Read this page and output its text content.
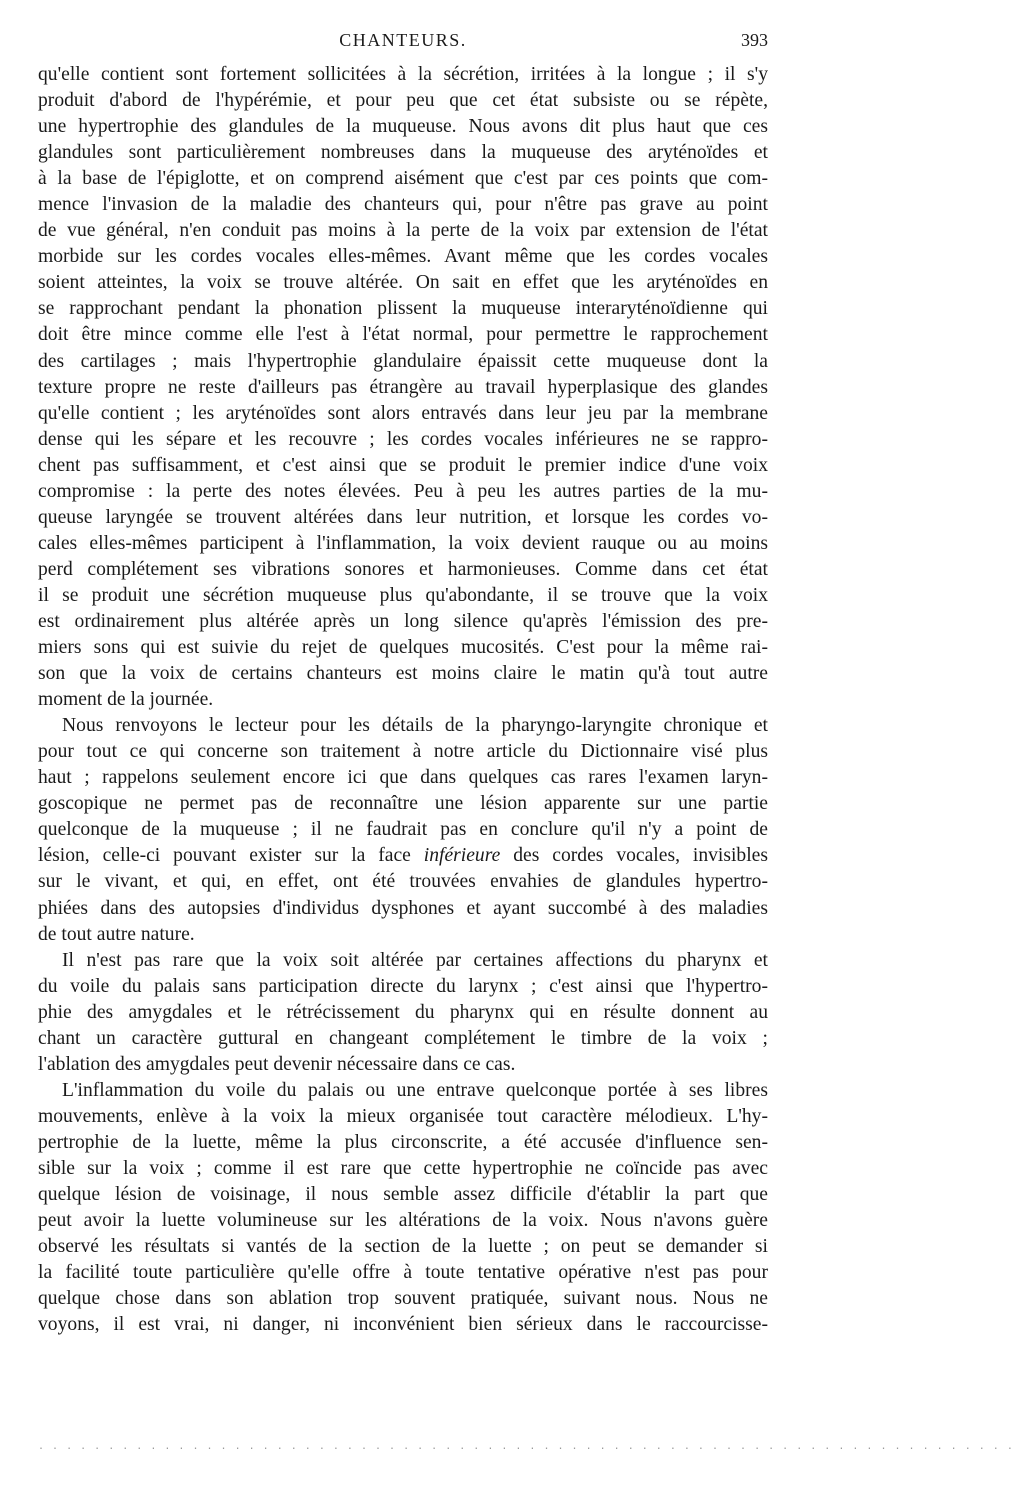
CHANTEURS.	393
qu'elle contient sont fortement sollicitées à la sécrétion, irritées à la longue ; il s'y
produit d'abord de l'hypérémie, et pour peu que cet état subsiste ou se répète,
une hypertrophie des glandules de la muqueuse. Nous avons dit plus haut que ces
glandules sont particulièrement nombreuses dans la muqueuse des aryténoïdes et
à la base de l'épiglotte, et on comprend aisément que c'est par ces points que com-
mence l'invasion de la maladie des chanteurs qui, pour n'être pas grave au point
de vue général, n'en conduit pas moins à la perte de la voix par extension de l'état
morbide sur les cordes vocales elles-mêmes. Avant même que les cordes vocales
soient atteintes, la voix se trouve altérée. On sait en effet que les aryténoïdes en
se rapprochant pendant la phonation plissent la muqueuse interaryténoïdienne qui
doit être mince comme elle l'est à l'état normal, pour permettre le rapprochement
des cartilages ; mais l'hypertrophie glandulaire épaissit cette muqueuse dont la
texture propre ne reste d'ailleurs pas étrangère au travail hyperplasique des glandes
qu'elle contient ; les aryténoïdes sont alors entravés dans leur jeu par la membrane
dense qui les sépare et les recouvre ; les cordes vocales inférieures ne se rappro-
chent pas suffisamment, et c'est ainsi que se produit le premier indice d'une voix
compromise : la perte des notes élevées. Peu à peu les autres parties de la mu-
queuse laryngée se trouvent altérées dans leur nutrition, et lorsque les cordes vo-
cales elles-mêmes participent à l'inflammation, la voix devient rauque ou au moins
perd complétement ses vibrations sonores et harmonieuses. Comme dans cet état
il se produit une sécrétion muqueuse plus qu'abondante, il se trouve que la voix
est ordinairement plus altérée après un long silence qu'après l'émission des pre-
miers sons qui est suivie du rejet de quelques mucosités. C'est pour la même rai-
son que la voix de certains chanteurs est moins claire le matin qu'à tout autre
moment de la journée.
Nous renvoyons le lecteur pour les détails de la pharyngo-laryngite chronique et
pour tout ce qui concerne son traitement à notre article du Dictionnaire visé plus
haut ; rappelons seulement encore ici que dans quelques cas rares l'examen laryn-
goscopique ne permet pas de reconnaître une lésion apparente sur une partie
quelconque de la muqueuse ; il ne faudrait pas en conclure qu'il n'y a point de
lésion, celle-ci pouvant exister sur la face inférieure des cordes vocales, invisibles
sur le vivant, et qui, en effet, ont été trouvées envahies de glandules hypertro-
phiées dans des autopsies d'individus dysphones et ayant succombé à des maladies
de tout autre nature.
Il n'est pas rare que la voix soit altérée par certaines affections du pharynx et
du voile du palais sans participation directe du larynx ; c'est ainsi que l'hypertro-
phie des amygdales et le rétrécissement du pharynx qui en résulte donnent au
chant un caractère guttural en changeant complétement le timbre de la voix ;
l'ablation des amygdales peut devenir nécessaire dans ce cas.
L'inflammation du voile du palais ou une entrave quelconque portée à ses libres
mouvements, enlève à la voix la mieux organisée tout caractère mélodieux. L'hy-
pertrophie de la luette, même la plus circonscrite, a été accusée d'influence sen-
sible sur la voix ; comme il est rare que cette hypertrophie ne coïncide pas avec
quelque lésion de voisinage, il nous semble assez difficile d'établir la part que
peut avoir la luette volumineuse sur les altérations de la voix. Nous n'avons guère
observé les résultats si vantés de la section de la luette ; on peut se demander si
la facilité toute particulière qu'elle offre à toute tentative opérative n'est pas pour
quelque chose dans son ablation trop souvent pratiquée, suivant nous. Nous ne
voyons, il est vrai, ni danger, ni inconvénient bien sérieux dans le raccourcisse-
. . . . . . . . . . . . . . . . . . . . . . . . . . . . . . . . . . . . . . . . . . . . . . . . . . . . . . . . . . . . . . . . . . . . . .
